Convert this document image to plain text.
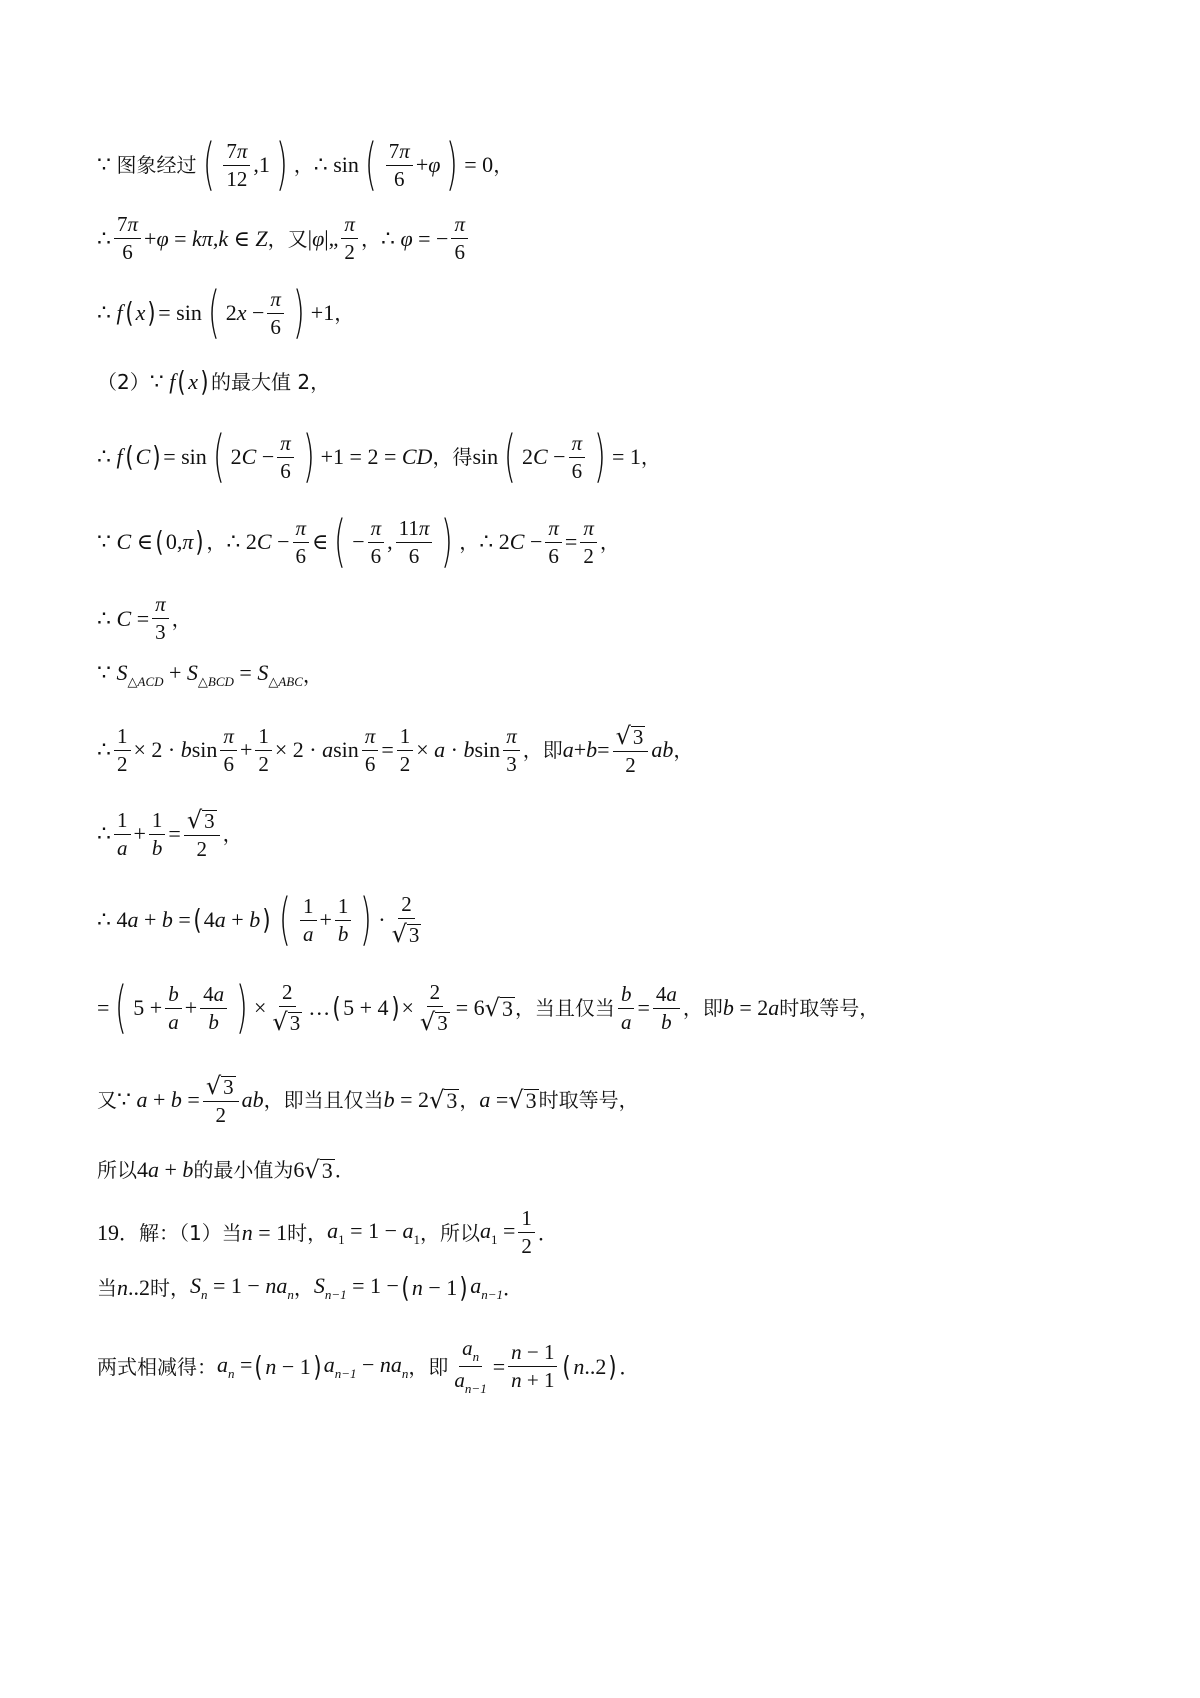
∵ 图象经过 ( $\frac{7\pi}{12} ,1$ ) ， ∴ sin ( $\frac{7\pi}{6} +\varphi$ ) = 0 ，
∴ $\frac{7\pi}{6} +\varphi = k\pi,k$ ∈ Z ，又 |φ|„ $\frac{\pi}{2}$ ， ∴ φ = − $\frac{\pi}{6}$
∴ f ( x ) = sin ( $2x - \frac{\pi}{6}$ ) +1 ，
（2） ∵ f ( x ) 的最大值 2，
∴ f ( C ) = sin ( $2C - \frac{\pi}{6}$ ) +1 = 2 = CD ，得 sin ( $2C - \frac{\pi}{6}$ ) = 1 ，
∵ C ∈ ( 0,π ) ， ∴ $2C - \frac{\pi}{6}$ ∈ ( − $\frac{\pi}{6}$ , $\frac{11\pi}{6}$ ) ， ∴ $2C - \frac{\pi}{6} = \frac{\pi}{2}$ ，
∴ $C = \frac{\pi}{3}$ ，
∵ $S_{\triangle ACD} + S_{\triangle BCD} = S_{\triangle ABC}$ ，
∴ $\frac{1}{2} \times 2 \cdot bsin \frac{\pi}{6} + \frac{1}{2} \times 2 \cdot asin \frac{\pi}{6} = \frac{1}{2} \times a \cdot bsin \frac{\pi}{3}$ ，即 $a + b = \frac{√ 3}{2}$ ab ，
∴ $\frac{1}{a} + \frac{1}{b} = \frac{√ 3}{2}$ ，
∴ 4a + b = ( 4a + b ) ( $\frac{1}{a} + \frac{1}{b}$ ) · $\frac{2}{√ 3}$
= ( $5 + \frac{b}{a} + \frac{4a}{b}$ ) × $\frac{2}{√ 3}$ … ( 5 + 4 ) × $\frac{2}{√ 3} = 6$ √ 3 ，当且仅当 $\frac{b}{a} = \frac{4a}{b}$ ，即 b = 2a 时取等号，
又 ∵ $a + b = \frac{√ 3}{2}$ ab ，即当且仅当 b = 2 √ 3 ， a = √ 3 时取等号，
所以 4a + b 的最小值为 6 √ 3 ．
19 ．解：（1）当 n = 1 时， $a_1 = 1 - a_1$ ，所以 $a_1 = \frac{1}{2}$ ．
当 n..2 时， $S_n = 1 - na_n$ ， $S_{n-1} = 1$ − ( n − 1 ) $a_{n-1}$ ．
两式相减得： $a_n$ = ( n − 1 ) $a_{n-1} - na_n$ ，即 $\frac{a_n}{a_{n-1}} = \frac{n - 1}{n + 1}$ ( n..2 ) ．
